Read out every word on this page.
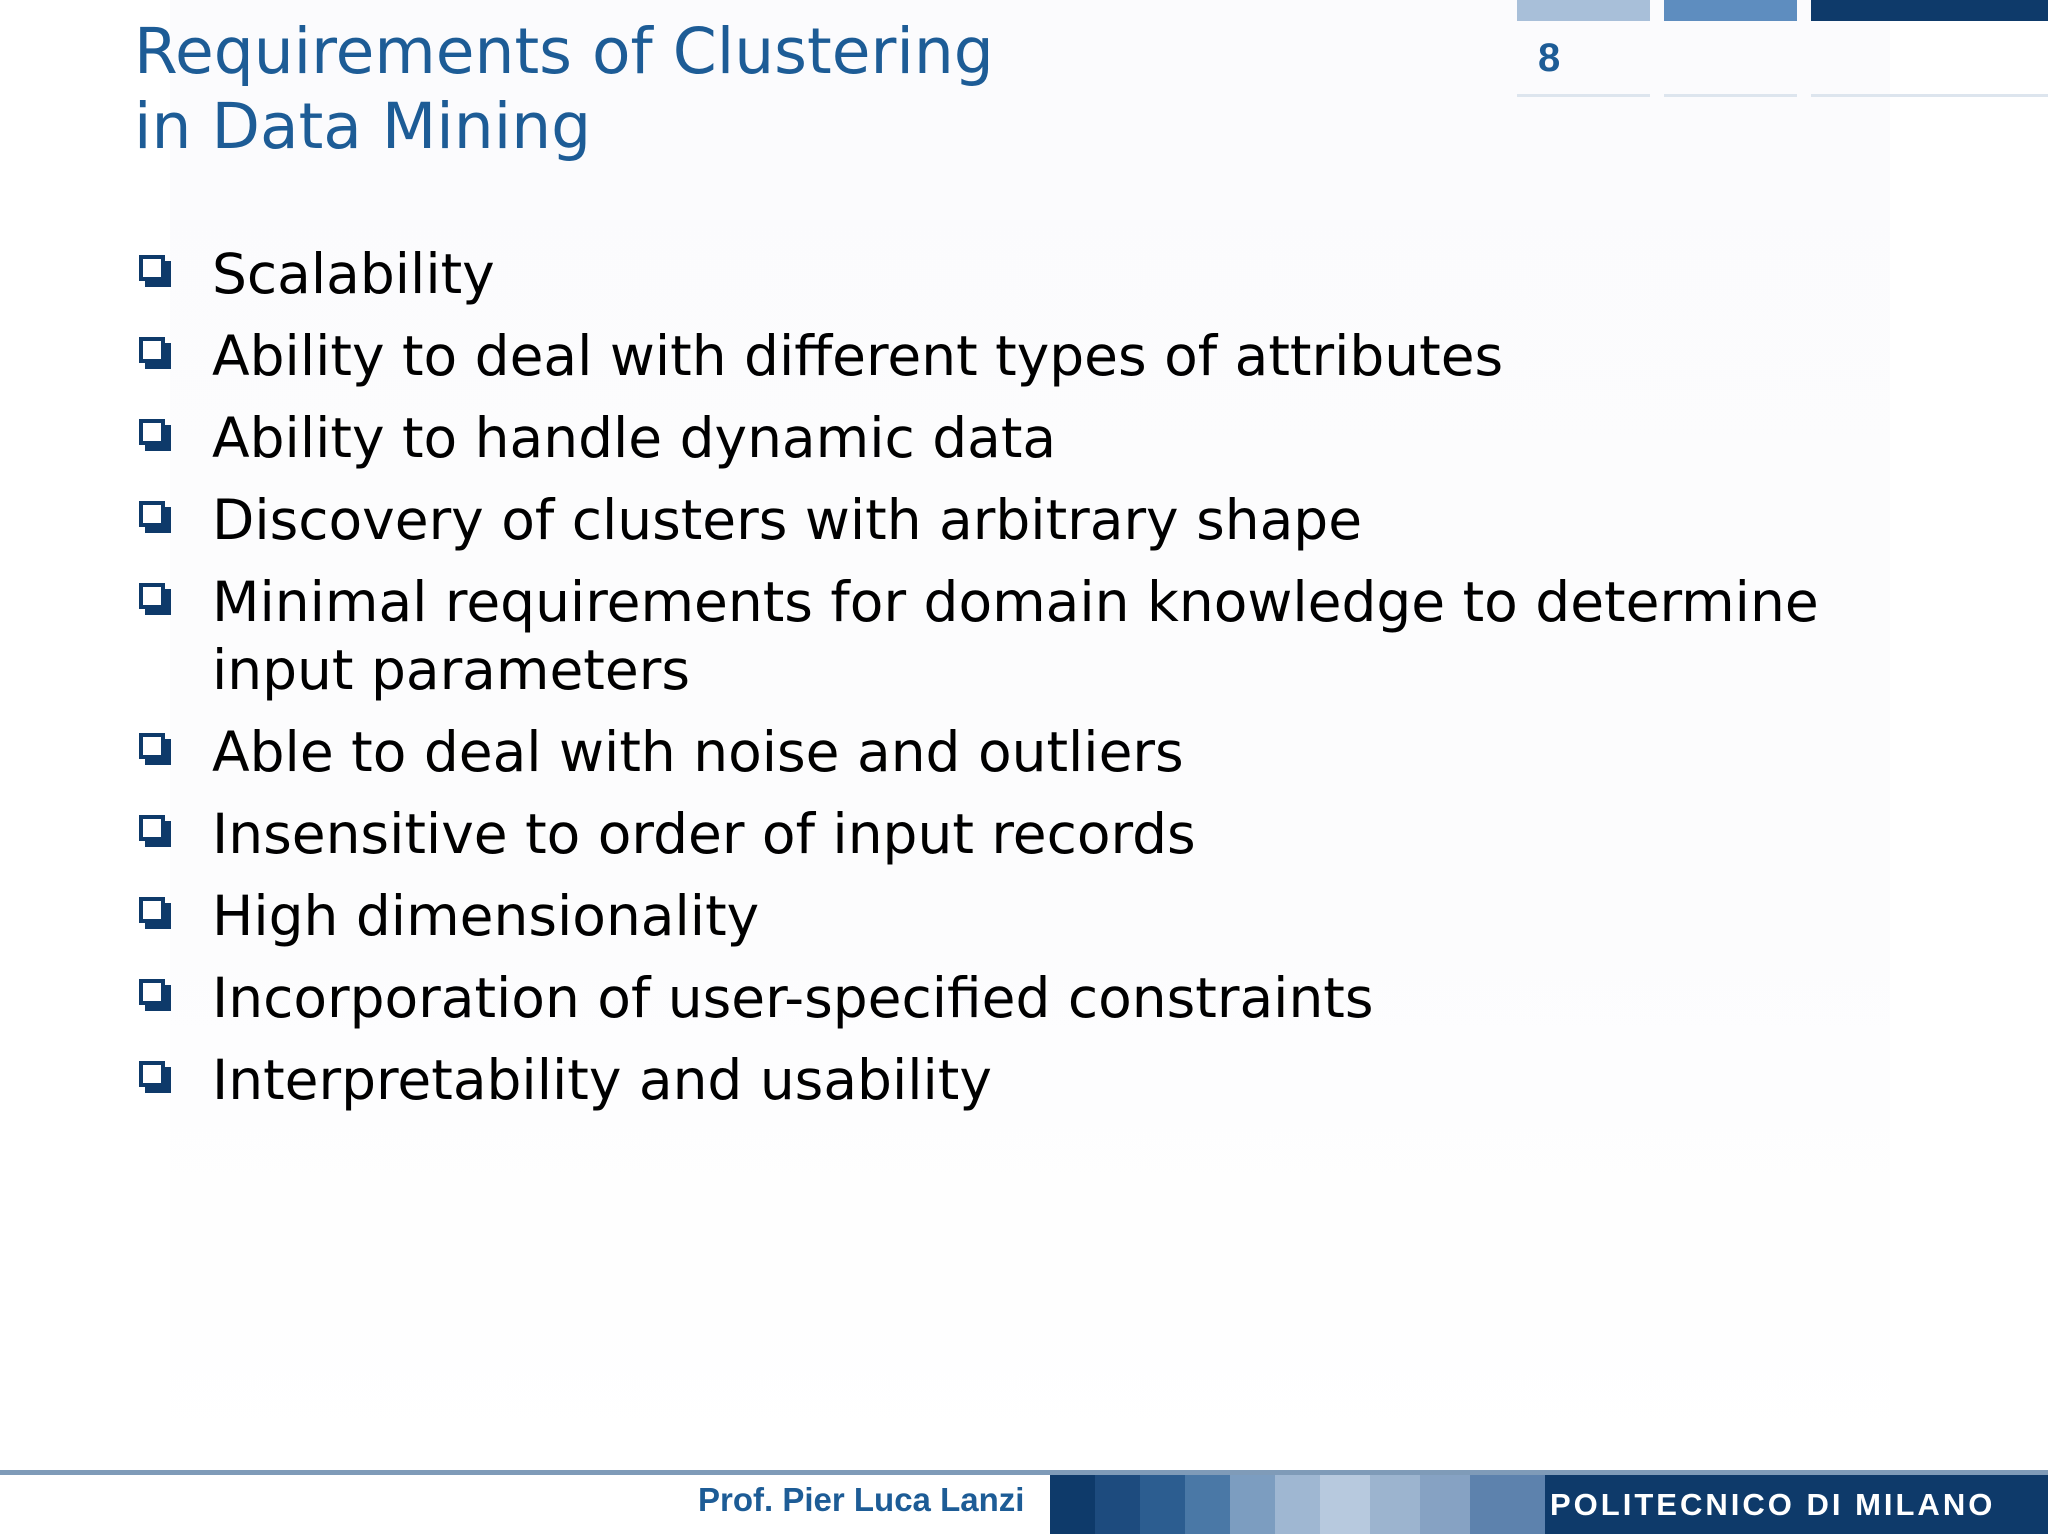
Requirements of Clustering
in Data Mining
8
Scalability
Ability to deal with different types of attributes
Ability to handle dynamic data
Discovery of clusters with arbitrary shape
Minimal requirements for domain knowledge to determine input parameters
Able to deal with noise and outliers
Insensitive to order of input records
High dimensionality
Incorporation of user-specified constraints
Interpretability and usability
Prof. Pier Luca Lanzi	POLITECNICO DI MILANO
